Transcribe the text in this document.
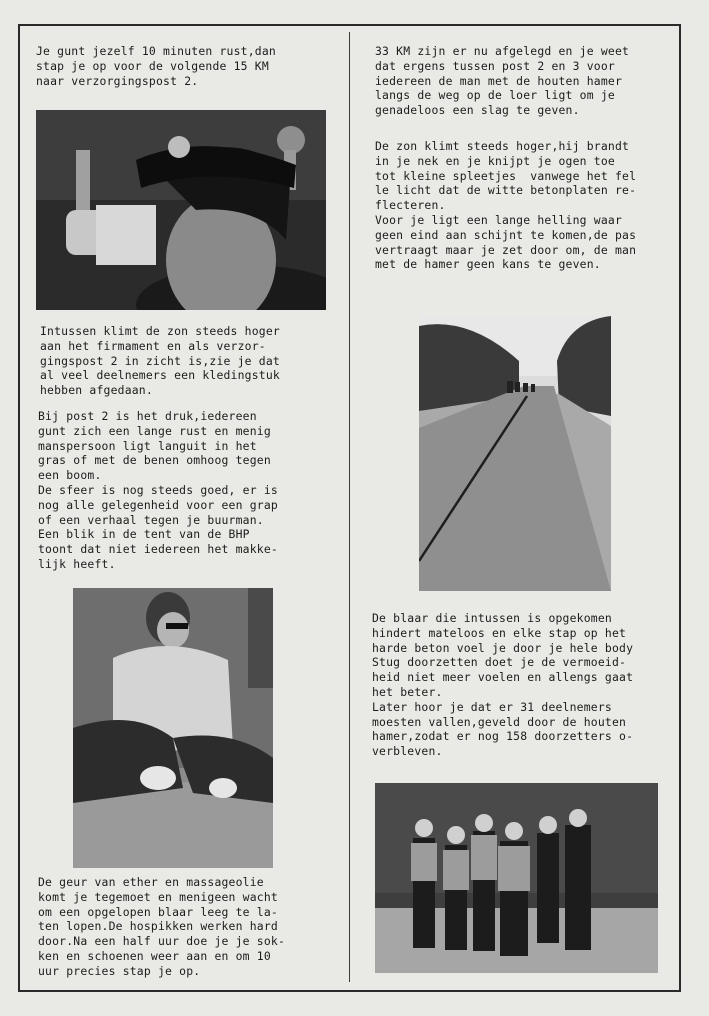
Je gunt jezelf 10 minuten rust,dan
stap je op voor de volgende 15 KM
naar verzorgingspost 2.

Intussen klimt de zon steeds hoger
aan het firmament en als verzor-
gingspost 2 in zicht is,zie je dat
al veel deelnemers een kledingstuk
hebben afgedaan.

Bij post 2 is het druk,iedereen
gunt zich een lange rust en menig
manspersoon ligt languit in het
gras of met de benen omhoog tegen
een boom.
De sfeer is nog steeds goed, er is
nog alle gelegenheid voor een grap
of een verhaal tegen je buurman.
Een blik in de tent van de BHP
toont dat niet iedereen het makke-
lijk heeft.

De geur van ether en massageolie
komt je tegemoet en menigeen wacht
om een opgelopen blaar leeg te la-
ten lopen.De hospikken werken hard
door.Na een half uur doe je je sok-
ken en schoenen weer aan en om 10
uur precies stap je op.

33 KM zijn er nu afgelegd en je weet
dat ergens tussen post 2 en 3 voor
iedereen de man met de houten hamer
langs de weg op de loer ligt om je
genadeloos een slag te geven.

De zon klimt steeds hoger,hij brandt
in je nek en je knijpt je ogen toe
tot kleine spleetjes  vanwege het fel
le licht dat de witte betonplaten re-
flecteren.
Voor je ligt een lange helling waar
geen eind aan schijnt te komen,de pas
vertraagt maar je zet door om, de man
met de hamer geen kans te geven.

De blaar die intussen is opgekomen
hindert mateloos en elke stap op het
harde beton voel je door je hele body
Stug doorzetten doet je de vermoeid-
heid niet meer voelen en allengs gaat
het beter.
Later hoor je dat er 31 deelnemers
moesten vallen,geveld door de houten
hamer,zodat er nog 158 doorzetters o-
verbleven.
